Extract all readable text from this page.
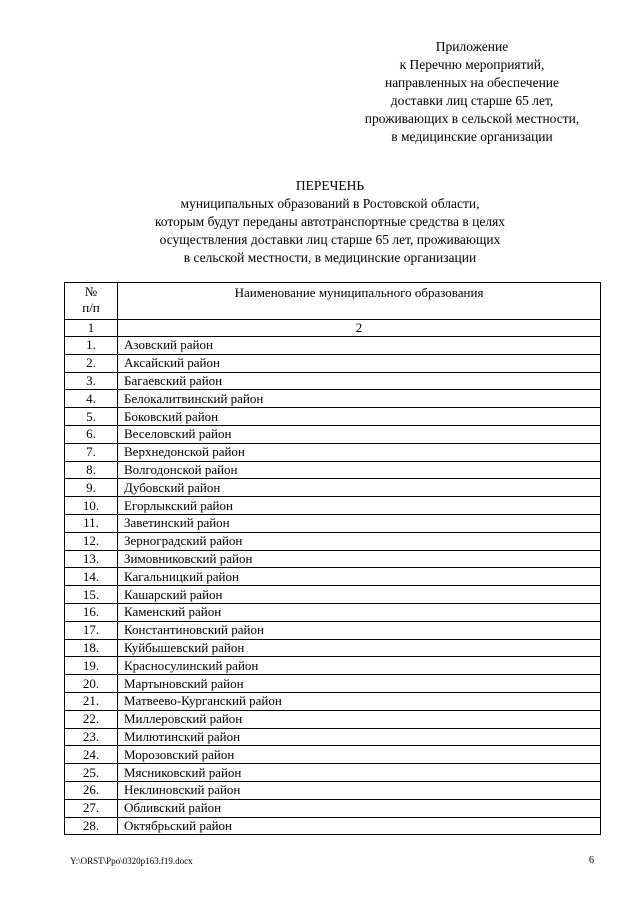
Приложение
к Перечню мероприятий,
направленных на обеспечение
доставки лиц старше 65 лет,
проживающих в сельской местности,
в медицинские организации
ПЕРЕЧЕНЬ
муниципальных образований в Ростовской области,
которым будут переданы автотранспортные средства в целях
осуществления доставки лиц старше 65 лет, проживающих
в сельской местности, в медицинские организации
№
п/п	Наименование муниципального образования
1	2
1.	Азовский район
2.	Аксайский район
3.	Багаевский район
4.	Белокалитвинский район
5.	Боковский район
6.	Веселовский район
7.	Верхнедонской район
8.	Волгодонской район
9.	Дубовский район
10.	Егорлыкский район
11.	Заветинский район
12.	Зерноградский район
13.	Зимовниковский район
14.	Кагальницкий район
15.	Кашарский район
16.	Каменский район
17.	Константиновский район
18.	Куйбышевский район
19.	Красносулинский район
20.	Мартыновский район
21.	Матвеево-Курганский район
22.	Миллеровский район
23.	Милютинский район
24.	Морозовский район
25.	Мясниковский район
26.	Неклиновский район
27.	Обливский район
28.	Октябрьский район
Y:\ORST\Ppo\0320p163.f19.docx	6
